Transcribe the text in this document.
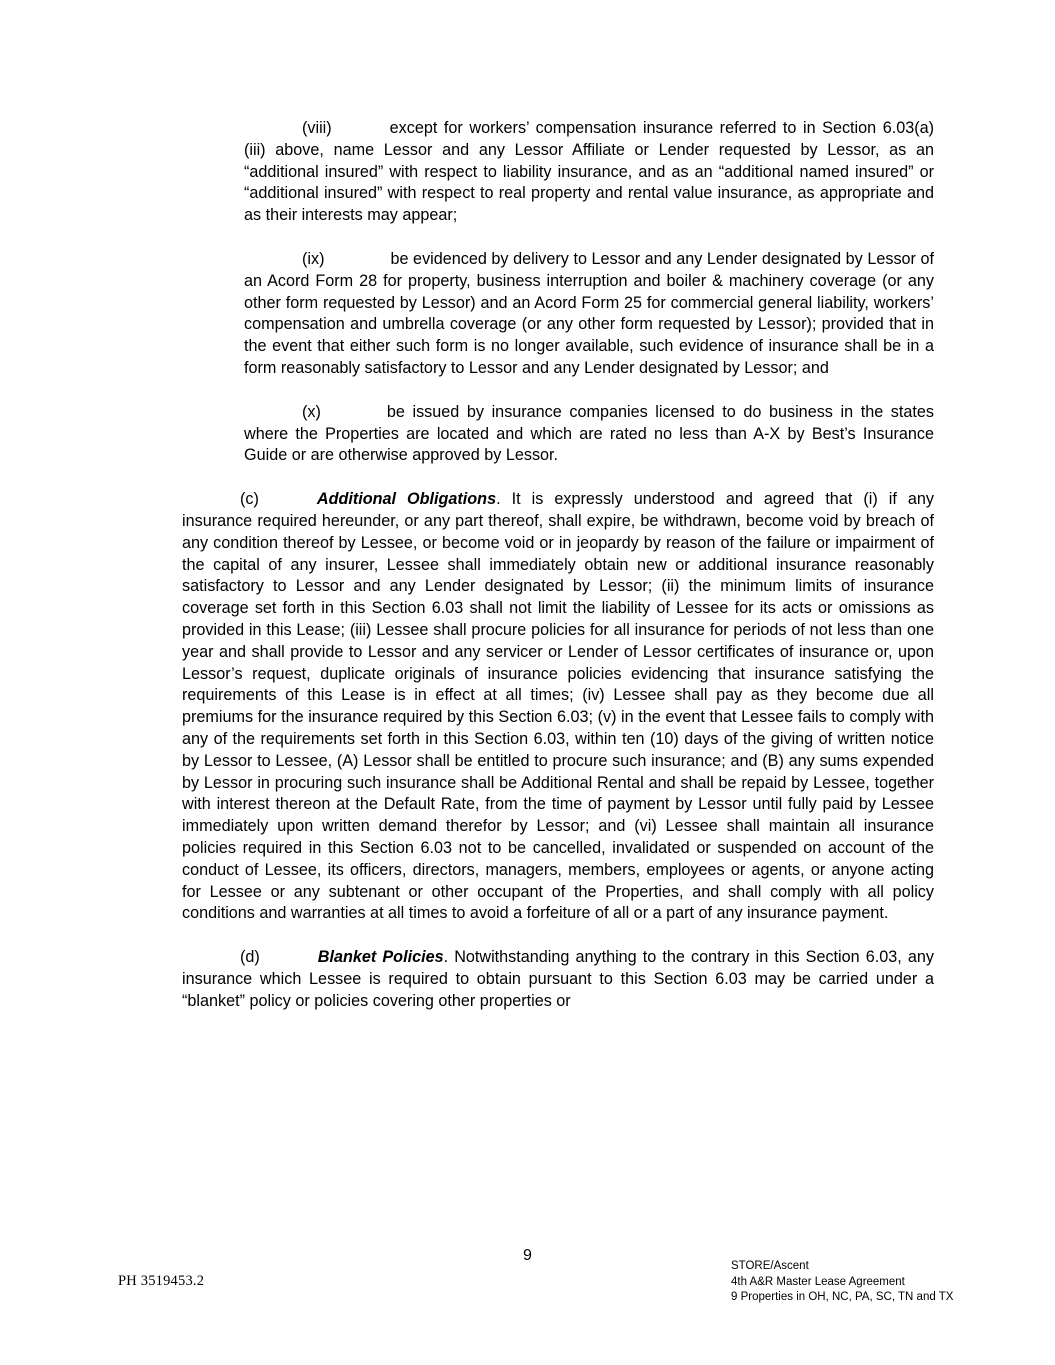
(viii)	except for workers’ compensation insurance referred to in Section 6.03(a)(iii) above, name Lessor and any Lessor Affiliate or Lender requested by Lessor, as an “additional insured” with respect to liability insurance, and as an “additional named insured” or “additional insured” with respect to real property and rental value insurance, as appropriate and as their interests may appear;

(ix)	be evidenced by delivery to Lessor and any Lender designated by Lessor of an Acord Form 28 for property, business interruption and boiler & machinery coverage (or any other form requested by Lessor) and an Acord Form 25 for commercial general liability, workers’ compensation and umbrella coverage (or any other form requested by Lessor); provided that in the event that either such form is no longer available, such evidence of insurance shall be in a form reasonably satisfactory to Lessor and any Lender designated by Lessor; and

(x)	be issued by insurance companies licensed to do business in the states where the Properties are located and which are rated no less than A-X by Best’s Insurance Guide or are otherwise approved by Lessor.

(c)	Additional Obligations. It is expressly understood and agreed that (i) if any insurance required hereunder, or any part thereof, shall expire, be withdrawn, become void by breach of any condition thereof by Lessee, or become void or in jeopardy by reason of the failure or impairment of the capital of any insurer, Lessee shall immediately obtain new or additional insurance reasonably satisfactory to Lessor and any Lender designated by Lessor; (ii) the minimum limits of insurance coverage set forth in this Section 6.03 shall not limit the liability of Lessee for its acts or omissions as provided in this Lease; (iii) Lessee shall procure policies for all insurance for periods of not less than one year and shall provide to Lessor and any servicer or Lender of Lessor certificates of insurance or, upon Lessor’s request, duplicate originals of insurance policies evidencing that insurance satisfying the requirements of this Lease is in effect at all times; (iv) Lessee shall pay as they become due all premiums for the insurance required by this Section 6.03; (v) in the event that Lessee fails to comply with any of the requirements set forth in this Section 6.03, within ten (10) days of the giving of written notice by Lessor to Lessee, (A) Lessor shall be entitled to procure such insurance; and (B) any sums expended by Lessor in procuring such insurance shall be Additional Rental and shall be repaid by Lessee, together with interest thereon at the Default Rate, from the time of payment by Lessor until fully paid by Lessee immediately upon written demand therefor by Lessor; and (vi) Lessee shall maintain all insurance policies required in this Section 6.03 not to be cancelled, invalidated or suspended on account of the conduct of Lessee, its officers, directors, managers, members, employees or agents, or anyone acting for Lessee or any subtenant or other occupant of the Properties, and shall comply with all policy conditions and warranties at all times to avoid a forfeiture of all or a part of any insurance payment.

(d)	Blanket Policies. Notwithstanding anything to the contrary in this Section 6.03, any insurance which Lessee is required to obtain pursuant to this Section 6.03 may be carried under a “blanket” policy or policies covering other properties or

9
PH 3519453.2
STORE/Ascent
4th A&R Master Lease Agreement
9 Properties in OH, NC, PA, SC, TN and TX
